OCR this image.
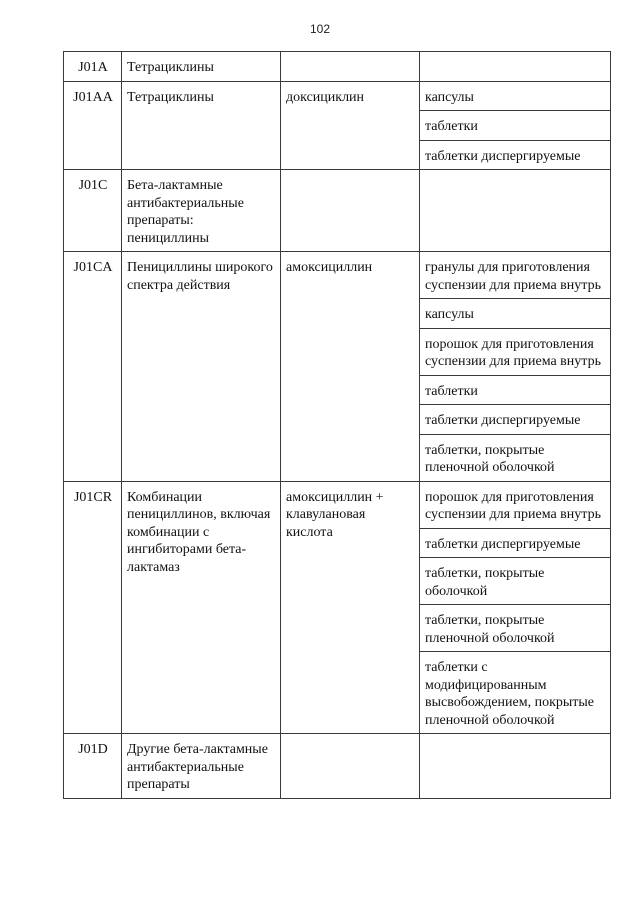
102
J01A	Тетрациклины		
J01AA	Тетрациклины	доксициклин	капсулы
			таблетки
			таблетки диспергируемые
J01C	Бета-лактамные антибактериальные препараты: пенициллины		
J01CA	Пенициллины широкого спектра действия	амоксициллин	гранулы для приготовления суспензии для приема внутрь
			капсулы
			порошок для приготовления суспензии для приема внутрь
			таблетки
			таблетки диспергируемые
			таблетки, покрытые пленочной оболочкой
J01CR	Комбинации пенициллинов, включая комбинации с ингибиторами бета-лактамаз	амоксициллин + клавулановая кислота	порошок для приготовления суспензии для приема внутрь
			таблетки диспергируемые
			таблетки, покрытые оболочкой
			таблетки, покрытые пленочной оболочкой
			таблетки с модифицированным высвобождением, покрытые пленочной оболочкой
J01D	Другие бета-лактамные антибактериальные препараты		
